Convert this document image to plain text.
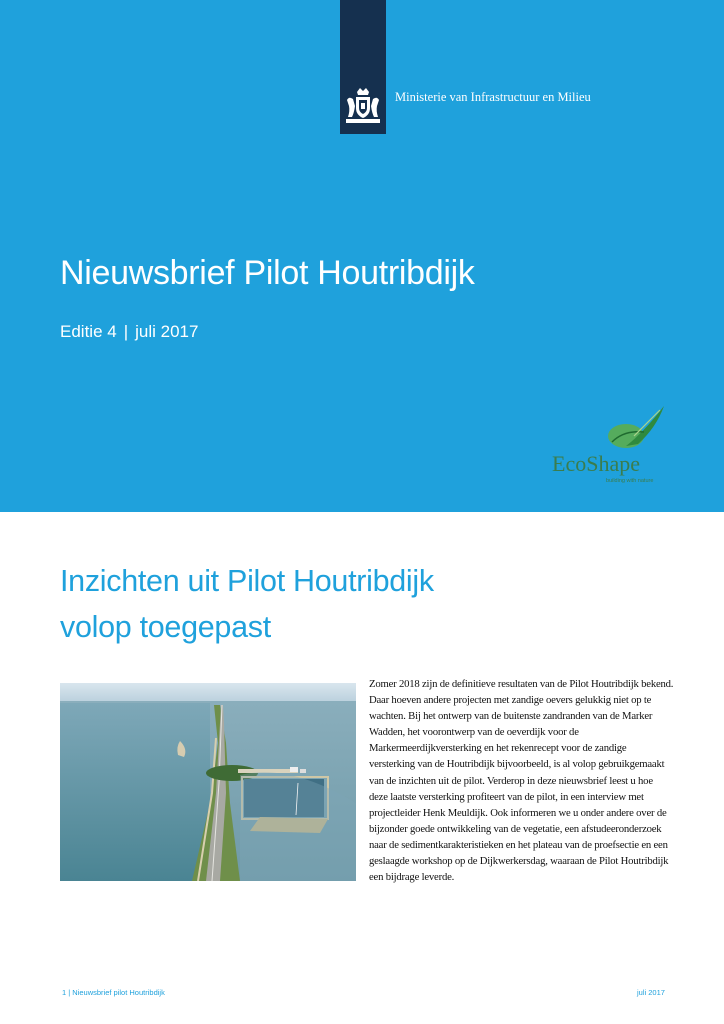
Ministerie van Infrastructuur en Milieu
Nieuwsbrief Pilot Houtribdijk
Editie 4 | juli 2017
EcoShape
building with nature
Inzichten uit Pilot Houtribdijk
volop toegepast

Zomer 2018 zijn de definitieve resultaten van de Pilot Houtribdijk bekend. Daar hoeven andere projecten met zandige oevers gelukkig niet op te wachten. Bij het ontwerp van de buitenste zandranden van de Marker Wadden, het voorontwerp van de oeverdijk voor de Markermeerdijkversterking en het rekenrecept voor de zandige versterking van de Houtribdijk bijvoorbeeld, is al volop gebruikgemaakt van de inzichten uit de pilot. Verderop in deze nieuwsbrief leest u hoe deze laatste versterking profiteert van de pilot, in een interview met projectleider Henk Meuldijk. Ook informeren we u onder andere over de bijzonder goede ontwikkeling van de vegetatie, een afstudeeronderzoek naar de sedimentkarakteristieken en het plateau van de proefsectie en een geslaagde workshop op de Dijkwerkersdag, waaraan de Pilot Houtribdijk een bijdrage leverde.

1 | Nieuwsbrief pilot Houtribdijk	juli 2017
